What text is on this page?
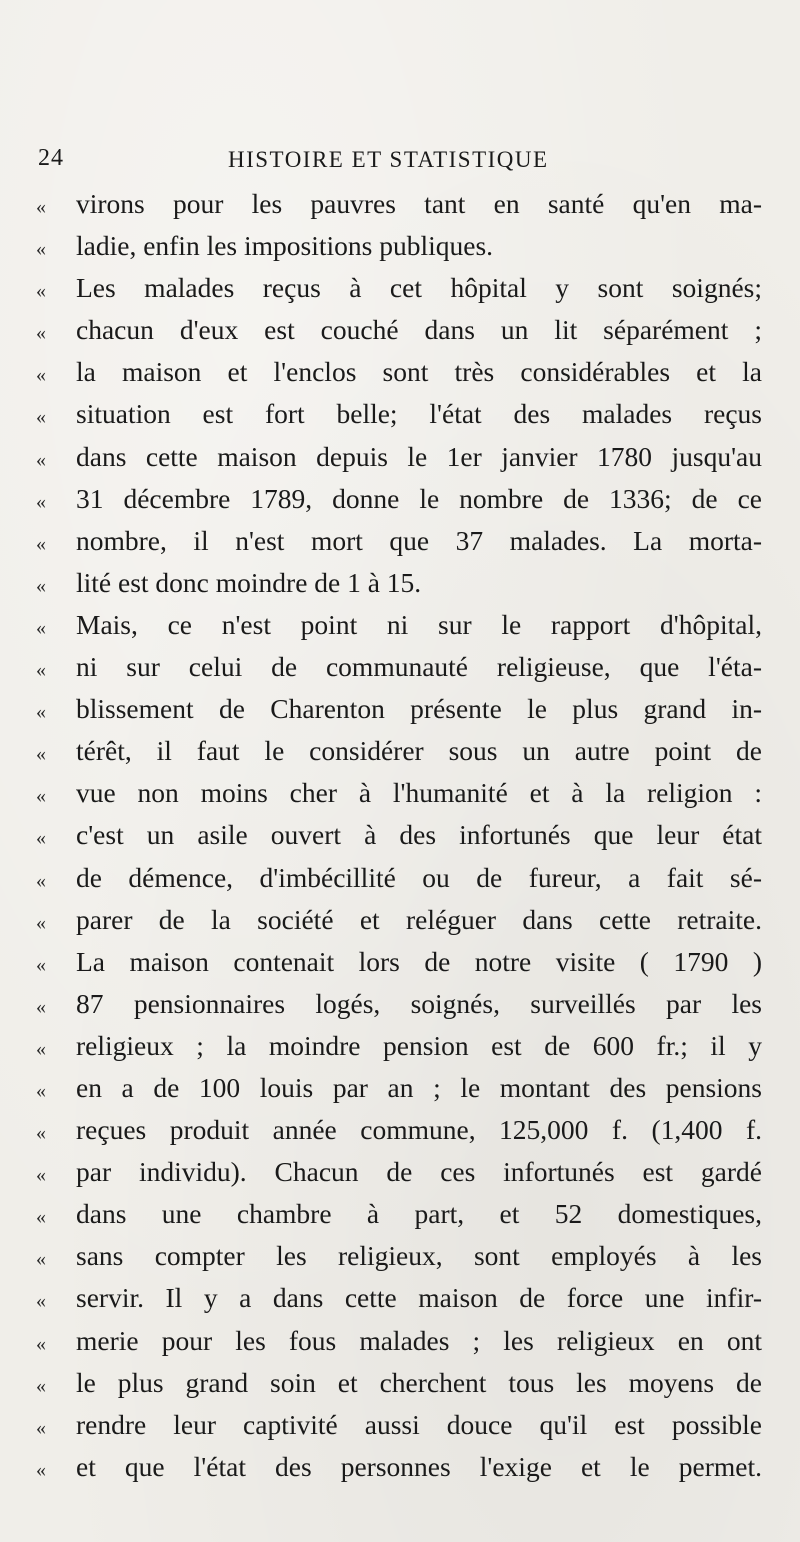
24	HISTOIRE ET STATISTIQUE
«	virons pour les pauvres tant en santé qu'en ma-
«	ladie, enfin les impositions publiques.
«	Les malades reçus à cet hôpital y sont soignés;
«	chacun d'eux est couché dans un lit séparément ;
«	la maison et l'enclos sont très considérables et la
«	situation est fort belle; l'état des malades reçus
«	dans cette maison depuis le 1er janvier 1780 jusqu'au
«	31 décembre 1789, donne le nombre de 1336; de ce
«	nombre, il n'est mort que 37 malades. La morta-
«	lité est donc moindre de 1 à 15.
«	Mais, ce n'est point ni sur le rapport d'hôpital,
«	ni sur celui de communauté religieuse, que l'éta-
«	blissement de Charenton présente le plus grand in-
«	térêt, il faut le considérer sous un autre point de
«	vue non moins cher à l'humanité et à la religion :
«	c'est un asile ouvert à des infortunés que leur état
«	de démence, d'imbécillité ou de fureur, a fait sé-
«	parer de la société et reléguer dans cette retraite.
«	La maison contenait lors de notre visite ( 1790 )
«	87 pensionnaires logés, soignés, surveillés par les
«	religieux ; la moindre pension est de 600 fr.; il y
«	en a de 100 louis par an ; le montant des pensions
«	reçues produit année commune, 125,000 f. (1,400 f.
«	par individu). Chacun de ces infortunés est gardé
«	dans une chambre à part, et 52 domestiques,
«	sans compter les religieux, sont employés à les
«	servir. Il y a dans cette maison de force une infir-
«	merie pour les fous malades ; les religieux en ont
«	le plus grand soin et cherchent tous les moyens de
«	rendre leur captivité aussi douce qu'il est possible
«	et que l'état des personnes l'exige et le permet.
